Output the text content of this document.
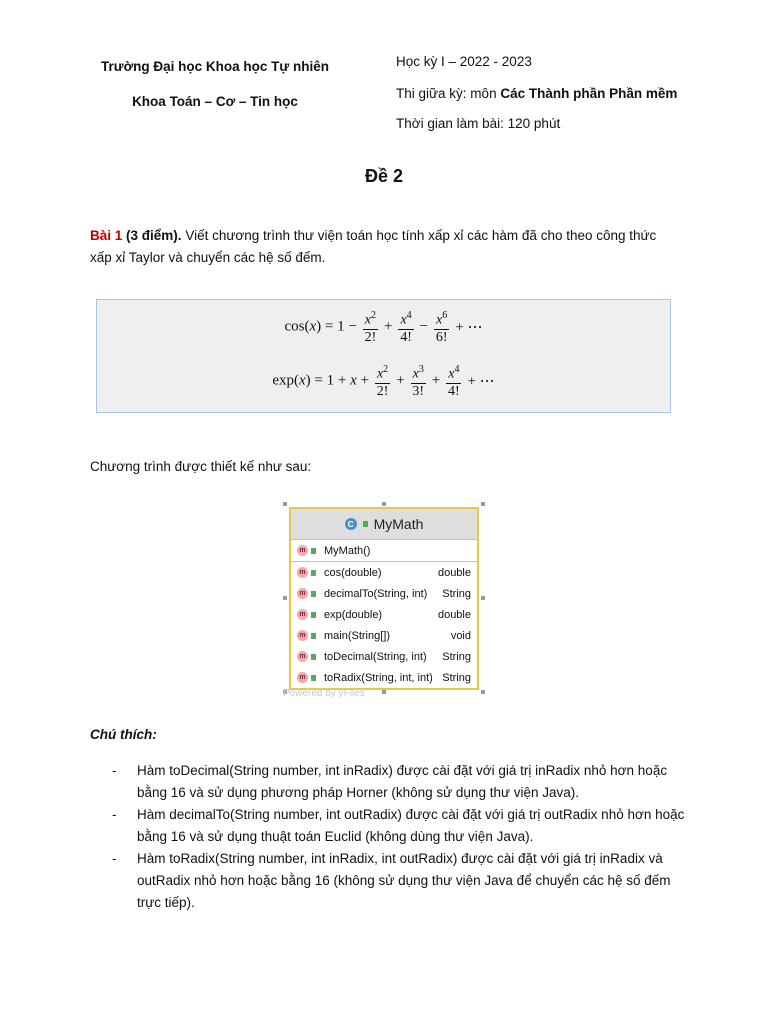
Trường Đại học Khoa học Tự nhiên
Khoa Toán – Cơ – Tin học
Học kỳ I – 2022 - 2023
Thi giữa kỳ: môn Các Thành phần Phần mềm
Thời gian làm bài: 120 phút
Đề 2
Bài 1 (3 điểm). Viết chương trình thư viện toán học tính xấp xỉ các hàm đã cho theo công thức
xấp xỉ Taylor và chuyển các hệ số đếm.
$\cos(x) = 1 - \frac{x^2}{2!} + \frac{x^4}{4!} - \frac{x^6}{6!}$ + ⋯
$\exp(x) = 1 + x + \frac{x^2}{2!} + \frac{x^3}{3!} + \frac{x^4}{4!}$ + ⋯
Chương trình được thiết kế như sau:
C MyMath
m MyMath()
m cos(double)	double
m decimalTo(String, int)	String
m exp(double)	double
m main(String[])	void
m toDecimal(String, int)	String
m toRadix(String, int, int) String
Powered by yFiles
Chú thích:
- Hàm toDecimal(String number, int inRadix) được cài đặt với giá trị inRadix nhỏ hơn hoặc bằng 16 và sử dụng phương pháp Horner (không sử dụng thư viện Java).
- Hàm decimalTo(String number, int outRadix) được cài đặt với giá trị outRadix nhỏ hơn hoặc bằng 16 và sử dụng thuật toán Euclid (không dùng thư viện Java).
- Hàm toRadix(String number, int inRadix, int outRadix) được cài đặt với giá trị inRadix và outRadix nhỏ hơn hoặc bằng 16 (không sử dụng thư viện Java để chuyển các hệ số đếm trực tiếp).
